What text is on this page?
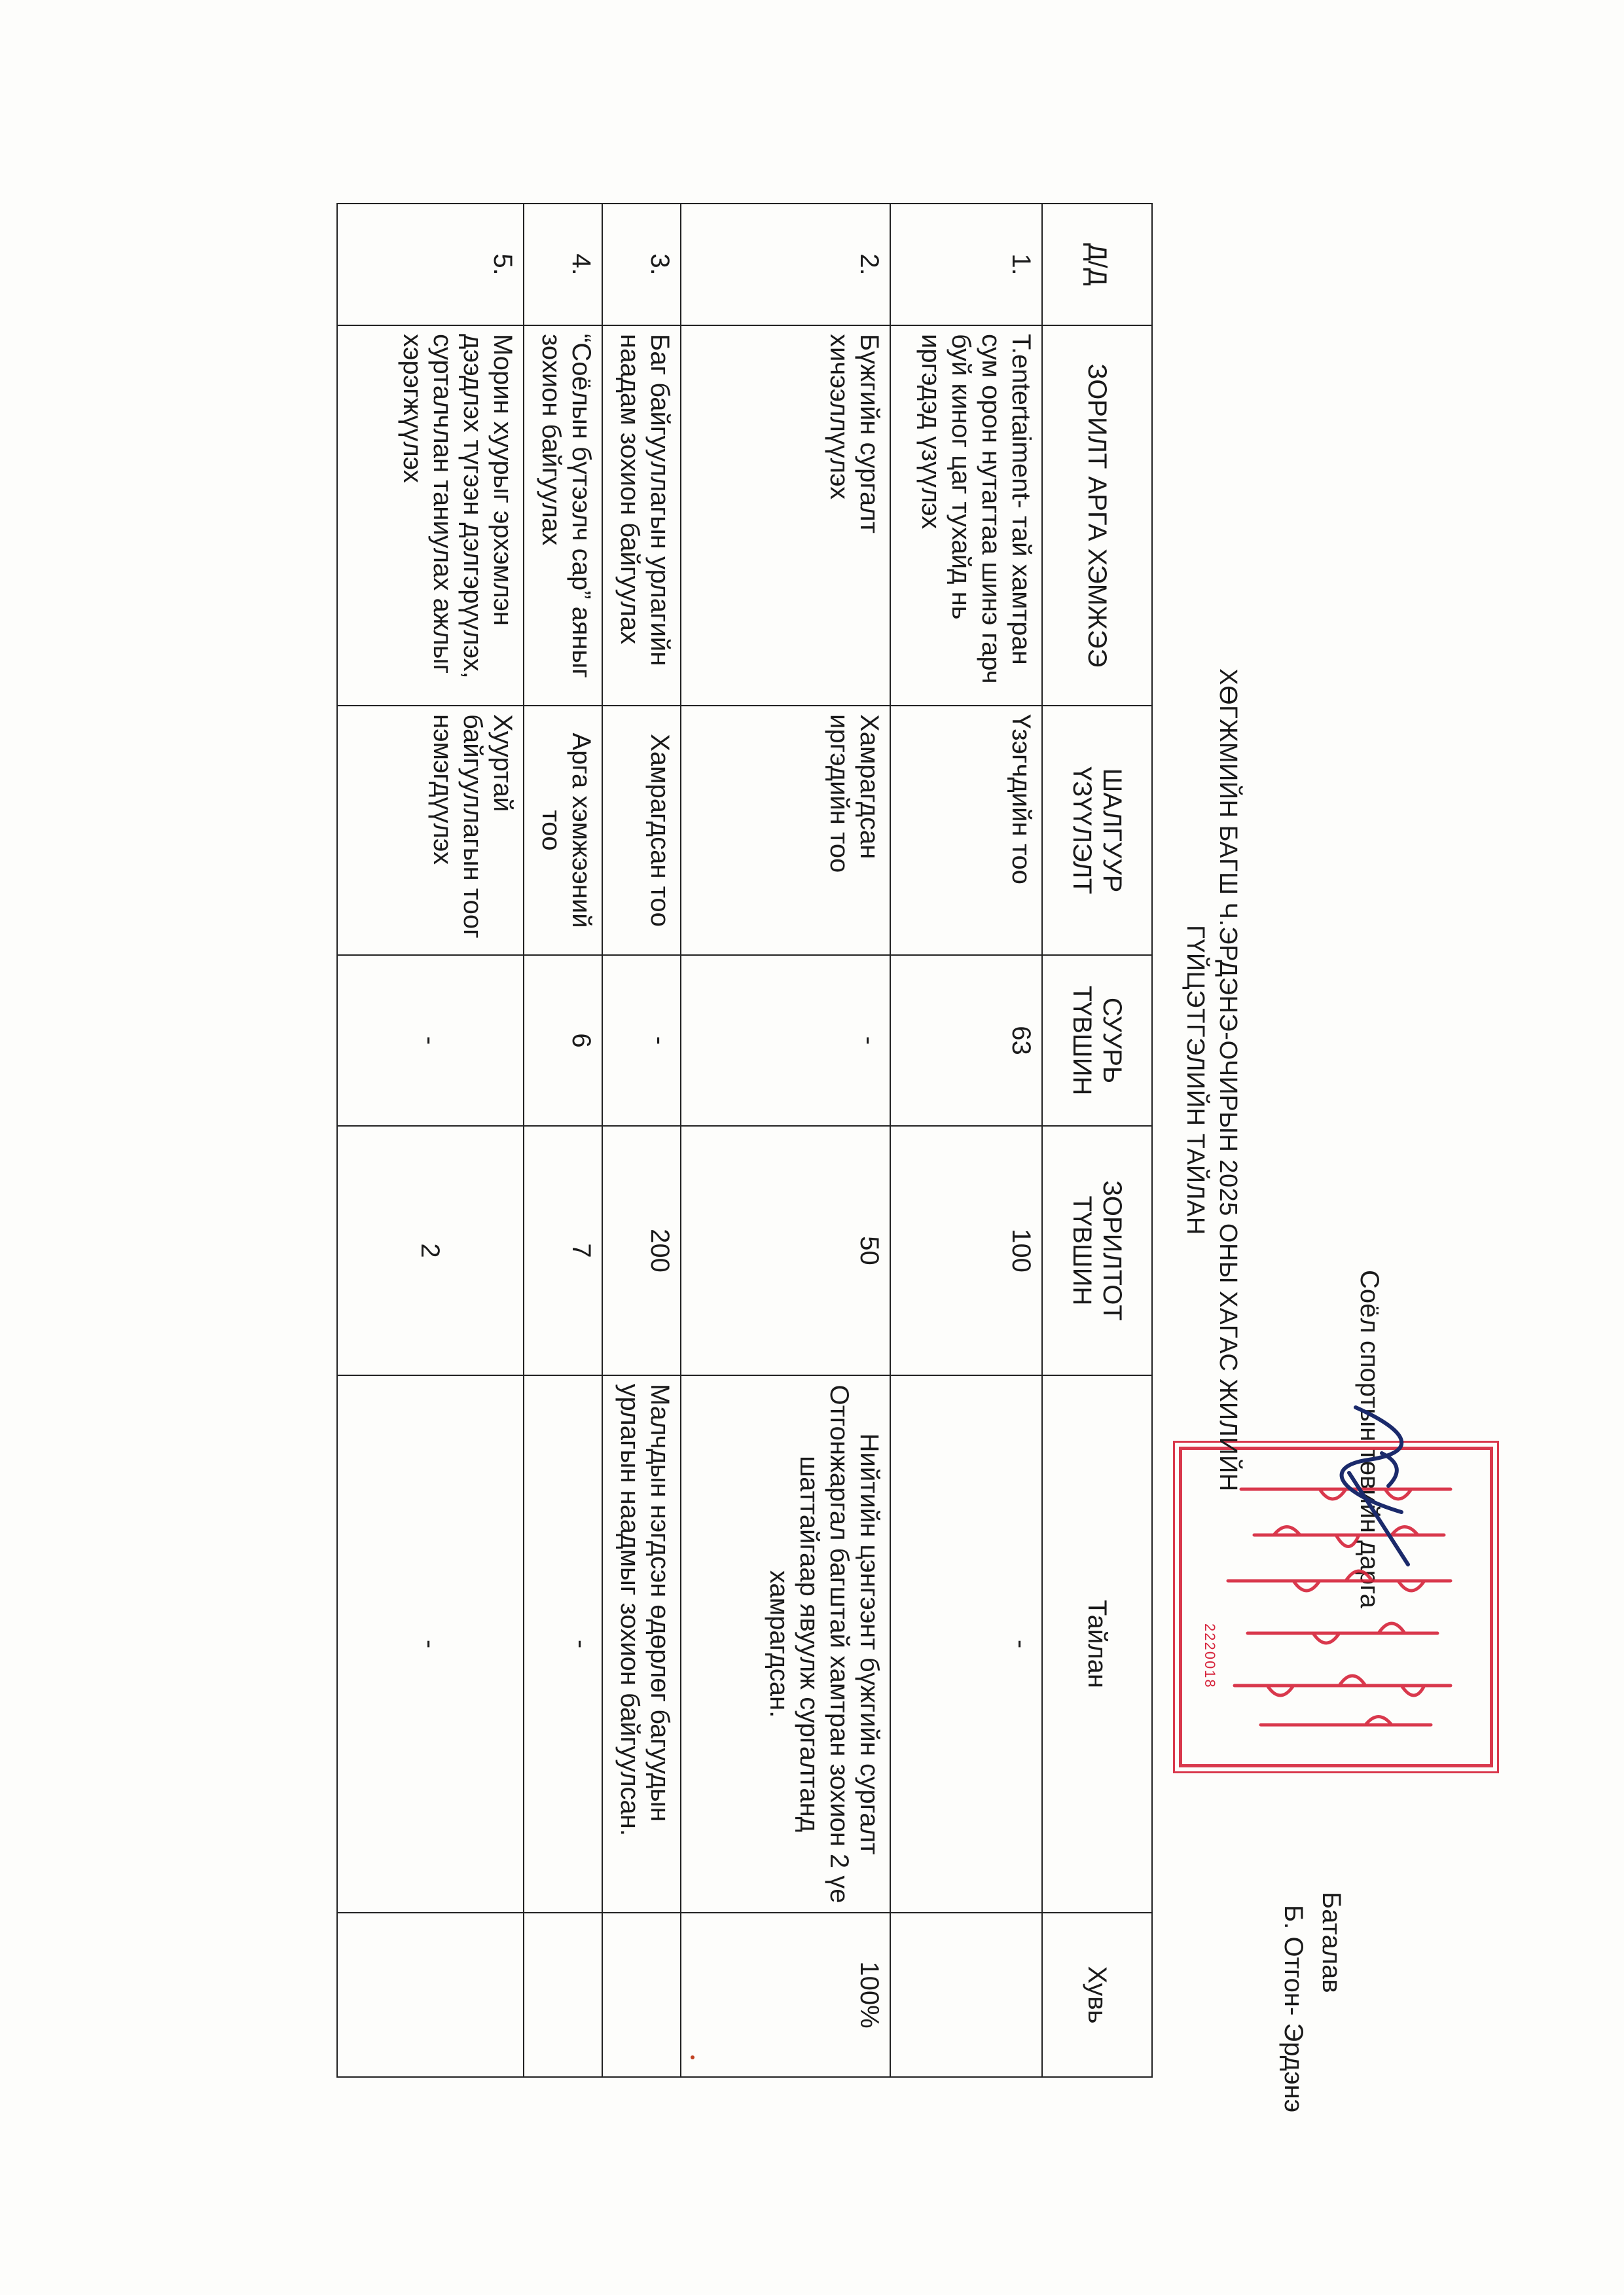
Соёл спортын төвийн дарга
Баталав
Б. Отгон- Эрдэнэ
2220018
ХӨГЖМИЙН БАГШ Ч.ЭРДЭНЭ-ОЧИРЫН 2025 ОНЫ ХАГАС ЖИЛИЙН
ГҮЙЦЭТГЭЛИЙН ТАЙЛАН
Д/Д	ЗОРИЛТ АРГА ХЭМЖЭЭ	ШАЛГУУР ҮЗҮҮЛЭЛТ	СУУРЬ ТҮВШИН	ЗОРИЛТОТ ТҮВШИН	Тайлан	Хувь
1.	T.entertaiment- тай хамтран сум орон нутагтаа шинэ гарч буй киног цаг тухайд нь иргэдэд үзүүлэх	Үзэгчдийн тоо	63	100	-	
2.	Бүжгийн сургалт хичээллүүлэх	Хамрагдсан иргэдийн тоо	-	50	Нийтийн цэнгээнт бүжгийн сургалт Отгонжаргал багштай хамтран зохион 2 үе шаттайгаар явуулж сургалтанд хамрагдсан.	100%
3.	Баг байгууллагын урлагийн наадам зохион байгуулах	Хамрагдсан тоо	-	200	Малчдын нэгдсэн өдөрлөг багуудын урлагын наадмыг зохион байгуулсан.	
4.	“Соёлын бүтээлч сар” аяныг зохион байгуулах	Арга хэмжээний тоо	6	7	-	
5.	Морин хуурыг эрхэмлэн дээдлэх түгээн дэлгэрүүлэх, сурталчлан таниулах ажлыг хэрэгжүүлэх	Хууртай байгууллагын тоог нэмэгдүүлэх	-	2	-	
